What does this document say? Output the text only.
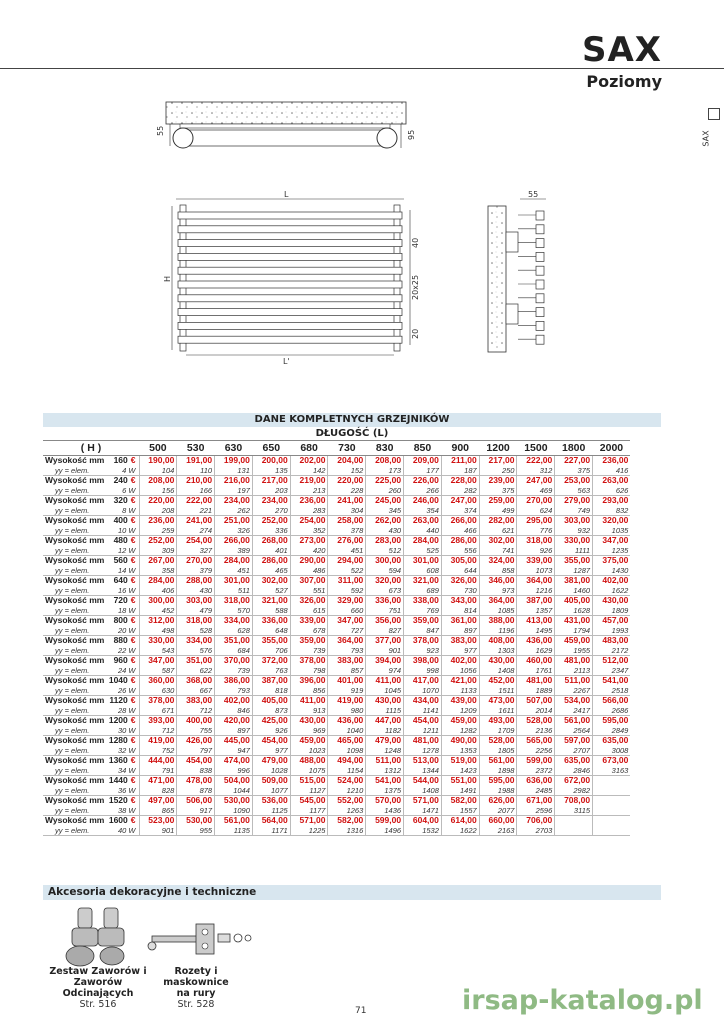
SAX
Poziomy
SAX
55	95
L
H
L'
40
20x25
20
55
DANE KOMPLETNYCH GRZEJNIKÓW
DŁUGOŚĆ (L)
( H )	500	530	630	650	680	730	830	850	900	1200	1500	1800	2000

Wysokość mm 160 €	190,00	191,00	199,00	200,00	202,00	204,00	208,00	209,00	211,00	217,00	222,00	227,00	236,00

yy = elem. 4 W	104	110	131	135	142	152	173	177	187	250	312	375	416

Wysokość mm 240 €	208,00	210,00	216,00	217,00	219,00	220,00	225,00	226,00	228,00	239,00	247,00	253,00	263,00

yy = elem. 6 W	156	166	197	203	213	228	260	266	282	375	469	563	626

Wysokość mm 320 €	220,00	222,00	234,00	234,00	236,00	241,00	245,00	246,00	247,00	259,00	270,00	279,00	293,00

yy = elem. 8 W	208	221	262	270	283	304	345	354	374	499	624	749	832

Wysokość mm 400 €	236,00	241,00	251,00	252,00	254,00	258,00	262,00	263,00	266,00	282,00	295,00	303,00	320,00

yy = elem. 10 W	259	274	326	336	352	378	430	440	466	621	776	932	1035

Wysokość mm 480 €	252,00	254,00	266,00	268,00	273,00	276,00	283,00	284,00	286,00	302,00	318,00	330,00	347,00

yy = elem. 12 W	309	327	389	401	420	451	512	525	556	741	926	1111	1235

Wysokość mm 560 €	267,00	270,00	284,00	286,00	290,00	294,00	300,00	301,00	305,00	324,00	339,00	355,00	375,00

yy = elem. 14 W	358	379	451	465	486	522	594	608	644	858	1073	1287	1430

Wysokość mm 640 €	284,00	288,00	301,00	302,00	307,00	311,00	320,00	321,00	326,00	346,00	364,00	381,00	402,00

yy = elem. 16 W	406	430	511	527	551	592	673	689	730	973	1216	1460	1622

Wysokość mm 720 €	300,00	303,00	318,00	321,00	326,00	329,00	336,00	338,00	343,00	364,00	387,00	405,00	430,00

yy = elem. 18 W	452	479	570	588	615	660	751	769	814	1085	1357	1628	1809

Wysokość mm 800 €	312,00	318,00	334,00	336,00	339,00	347,00	356,00	359,00	361,00	388,00	413,00	431,00	457,00

yy = elem. 20 W	498	528	628	648	678	727	827	847	897	1196	1495	1794	1993

Wysokość mm 880 €	330,00	334,00	351,00	355,00	359,00	364,00	377,00	378,00	383,00	408,00	436,00	459,00	483,00

yy = elem. 22 W	543	576	684	706	739	793	901	923	977	1303	1629	1955	2172

Wysokość mm 960 €	347,00	351,00	370,00	372,00	378,00	383,00	394,00	398,00	402,00	430,00	460,00	481,00	512,00

yy = elem. 24 W	587	622	739	763	798	857	974	998	1056	1408	1761	2113	2347

Wysokość mm 1040 €	360,00	368,00	386,00	387,00	396,00	401,00	411,00	417,00	421,00	452,00	481,00	511,00	541,00

yy = elem. 26 W	630	667	793	818	856	919	1045	1070	1133	1511	1889	2267	2518

Wysokość mm 1120 €	378,00	383,00	402,00	405,00	411,00	419,00	430,00	434,00	439,00	473,00	507,00	534,00	566,00

yy = elem. 28 W	671	712	846	873	913	980	1115	1141	1209	1611	2014	2417	2686

Wysokość mm 1200 €	393,00	400,00	420,00	425,00	430,00	436,00	447,00	454,00	459,00	493,00	528,00	561,00	595,00

yy = elem. 30 W	712	755	897	926	969	1040	1182	1211	1282	1709	2136	2564	2849

Wysokość mm 1280 €	419,00	426,00	445,00	454,00	459,00	465,00	479,00	481,00	490,00	528,00	565,00	597,00	635,00

yy = elem. 32 W	752	797	947	977	1023	1098	1248	1278	1353	1805	2256	2707	3008

Wysokość mm 1360 €	444,00	454,00	474,00	479,00	488,00	494,00	511,00	513,00	519,00	561,00	599,00	635,00	673,00

yy = elem. 34 W	791	838	996	1028	1075	1154	1312	1344	1423	1898	2372	2846	3163

Wysokość mm 1440 €	471,00	478,00	504,00	509,00	515,00	524,00	541,00	544,00	551,00	595,00	636,00	672,00	

yy = elem. 36 W	828	878	1044	1077	1127	1210	1375	1408	1491	1988	2485	2982	

Wysokość mm 1520 €	497,00	506,00	530,00	536,00	545,00	552,00	570,00	571,00	582,00	626,00	671,00	708,00	

yy = elem. 38 W	865	917	1090	1125	1177	1263	1436	1471	1557	2077	2596	3115	

Wysokość mm 1600 €	523,00	530,00	561,00	564,00	571,00	582,00	599,00	604,00	614,00	660,00	706,00		

yy = elem. 40 W	901	955	1135	1171	1225	1316	1496	1532	1622	2163	2703		
Akcesoria dekoracyjne i techniczne
Zestaw Zaworów i
Zaworów Odcinających
Str. 516
Rozety i maskownice
na rury
Str. 528
71	irsap-katalog.pl
